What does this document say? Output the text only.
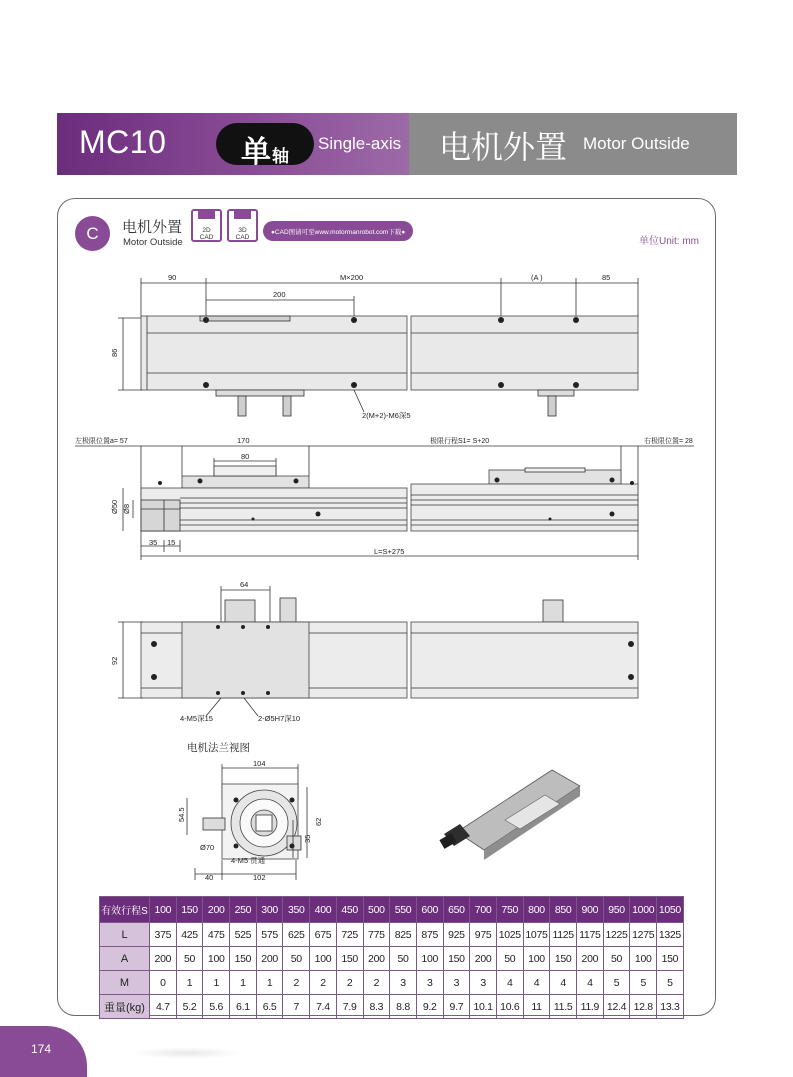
MC10 单 轴
Single-axis 电机外置 Motor Outside
C	电机外置
Motor Outside
2D
CAD
3D
CAD
●CAD图请可至www.motormanrobot.com下载●
单位Unit: mm
90	M×200	(A )	85
200
86
2(M+2)-M6深5
左极限位置a= 57	170
80
极限行程S1= S+20	右极限位置= 28
Ø50 Ø8
35 15
L=S+275
64
92
4-M5深15	2-Ø5H7深10
电机法兰视图
104
54.5
Ø70
62
35
4-M5 贯通
40	102
有效行程S	100	150	200	250	300	350	400	450	500	550	600	650	700	750	800	850	900	950	1000	1050
L	375	425	475	525	575	625	675	725	775	825	875	925	975	1025	1075	1125	1175	1225	1275	1325
A	200	50	100	150	200	50	100	150	200	50	100	150	200	50	100	150	200	50	100	150
M	0	1	1	1	1	2	2	2	2	3	3	3	3	4	4	4	4	5	5	5
重量(kg)	4.7	5.2	5.6	6.1	6.5	7	7.4	7.9	8.3	8.8	9.2	9.7	10.1	10.6	11	11.5	11.9	12.4	12.8	13.3
174
